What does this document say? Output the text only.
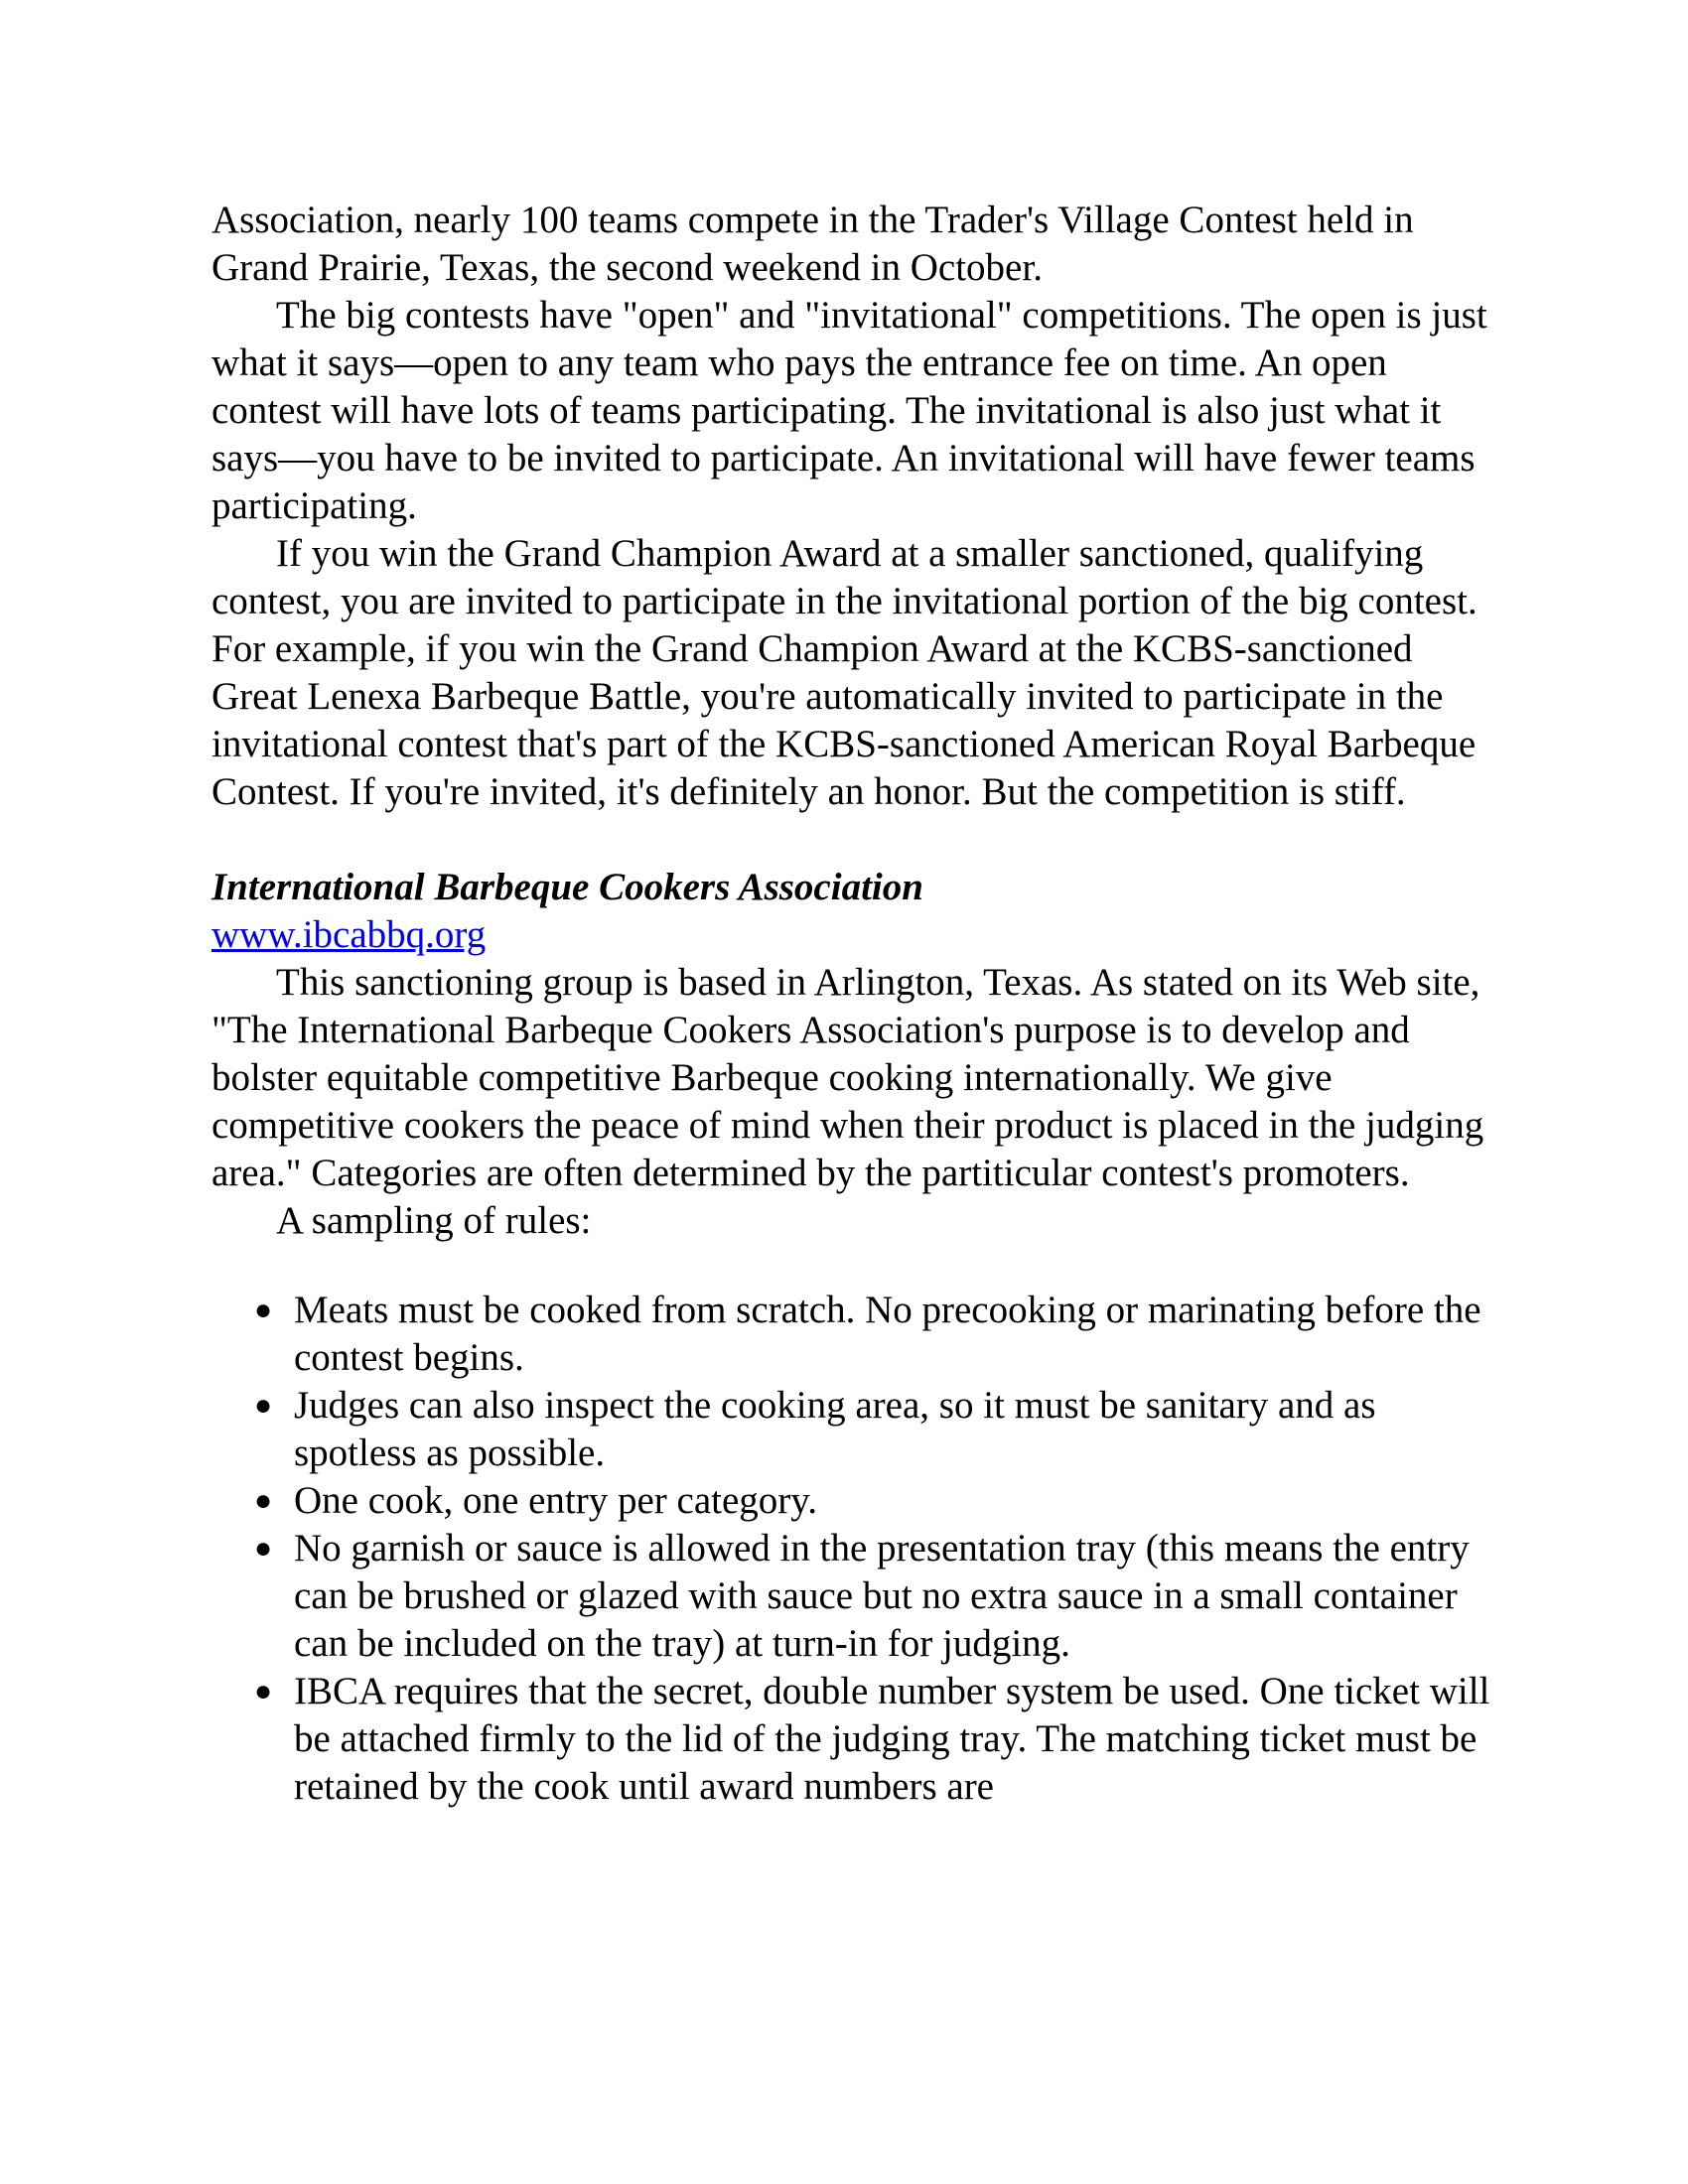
Association, nearly 100 teams compete in the Trader's Village Contest held in Grand Prairie, Texas, the second weekend in October.

The big contests have "open" and "invitational" competitions. The open is just what it says—open to any team who pays the entrance fee on time. An open contest will have lots of teams participating. The invitational is also just what it says—you have to be invited to participate. An invitational will have fewer teams participating.

If you win the Grand Champion Award at a smaller sanctioned, qualifying contest, you are invited to participate in the invitational portion of the big contest. For example, if you win the Grand Champion Award at the KCBS-sanctioned Great Lenexa Barbeque Battle, you're automatically invited to participate in the invitational contest that's part of the KCBS-sanctioned American Royal Barbeque Contest. If you're invited, it's definitely an honor. But the competition is stiff.

International Barbeque Cookers Association

www.ibcabbq.org

This sanctioning group is based in Arlington, Texas. As stated on its Web site, "The International Barbeque Cookers Association's purpose is to develop and bolster equitable competitive Barbeque cooking internationally. We give competitive cookers the peace of mind when their product is placed in the judging area." Categories are often determined by the partiticular contest's promoters.

A sampling of rules:

● Meats must be cooked from scratch. No precooking or marinating before the contest begins.
● Judges can also inspect the cooking area, so it must be sanitary and as spotless as possible.
● One cook, one entry per category.
● No garnish or sauce is allowed in the presentation tray (this means the entry can be brushed or glazed with sauce but no extra sauce in a small container can be included on the tray) at turn-in for judging.
● IBCA requires that the secret, double number system be used. One ticket will be attached firmly to the lid of the judging tray. The matching ticket must be retained by the cook until award numbers are
